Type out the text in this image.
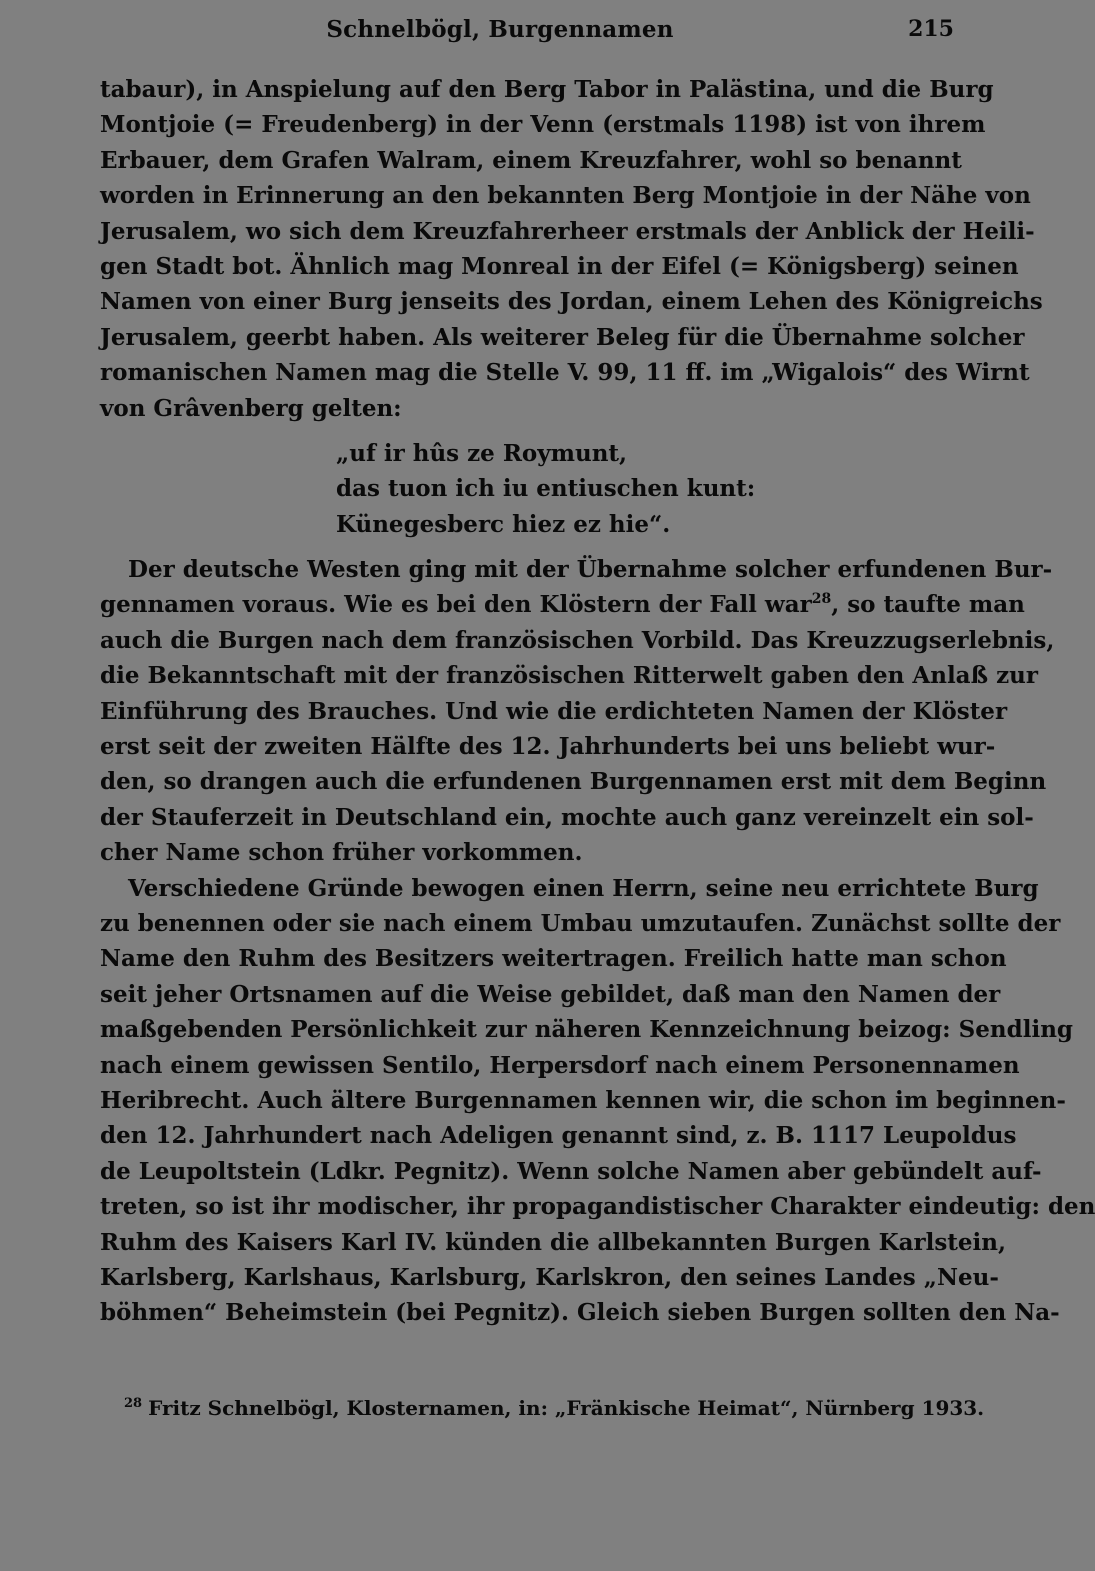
Schnelbögl, Burgennamen	215
tabaur), in Anspielung auf den Berg Tabor in Palästina, und die Burg
Montjoie (= Freudenberg) in der Venn (erstmals 1198) ist von ihrem
Erbauer, dem Grafen Walram, einem Kreuzfahrer, wohl so benannt
worden in Erinnerung an den bekannten Berg Montjoie in der Nähe von
Jerusalem, wo sich dem Kreuzfahrerheer erstmals der Anblick der Heili-
gen Stadt bot. Ähnlich mag Monreal in der Eifel (= Königsberg) seinen
Namen von einer Burg jenseits des Jordan, einem Lehen des Königreichs
Jerusalem, geerbt haben. Als weiterer Beleg für die Übernahme solcher
romanischen Namen mag die Stelle V. 99, 11 ff. im „Wigalois“ des Wirnt
von Grâvenberg gelten:
„uf ir hûs ze Roymunt,
das tuon ich iu entiuschen kunt:
Künegesberc hiez ez hie“.
Der deutsche Westen ging mit der Übernahme solcher erfundenen Bur-
gennamen voraus. Wie es bei den Klöstern der Fall war$^{28}$, so taufte man
auch die Burgen nach dem französischen Vorbild. Das Kreuzzugserlebnis,
die Bekanntschaft mit der französischen Ritterwelt gaben den Anlaß zur
Einführung des Brauches. Und wie die erdichteten Namen der Klöster
erst seit der zweiten Hälfte des 12. Jahrhunderts bei uns beliebt wur-
den, so drangen auch die erfundenen Burgennamen erst mit dem Beginn
der Stauferzeit in Deutschland ein, mochte auch ganz vereinzelt ein sol-
cher Name schon früher vorkommen.
Verschiedene Gründe bewogen einen Herrn, seine neu errichtete Burg
zu benennen oder sie nach einem Umbau umzutaufen. Zunächst sollte der
Name den Ruhm des Besitzers weitertragen. Freilich hatte man schon
seit jeher Ortsnamen auf die Weise gebildet, daß man den Namen der
maßgebenden Persönlichkeit zur näheren Kennzeichnung beizog: Sendling
nach einem gewissen Sentilo, Herpersdorf nach einem Personennamen
Heribrecht. Auch ältere Burgennamen kennen wir, die schon im beginnen-
den 12. Jahrhundert nach Adeligen genannt sind, z. B. 1117 Leupoldus
de Leupoltstein (Ldkr. Pegnitz). Wenn solche Namen aber gebündelt auf-
treten, so ist ihr modischer, ihr propagandistischer Charakter eindeutig: den
Ruhm des Kaisers Karl IV. künden die allbekannten Burgen Karlstein,
Karlsberg, Karlshaus, Karlsburg, Karlskron, den seines Landes „Neu-
böhmen“ Beheimstein (bei Pegnitz). Gleich sieben Burgen sollten den Na-
$^{28}$ Fritz Schnelbögl, Klosternamen, in: „Fränkische Heimat“, Nürnberg 1933.
